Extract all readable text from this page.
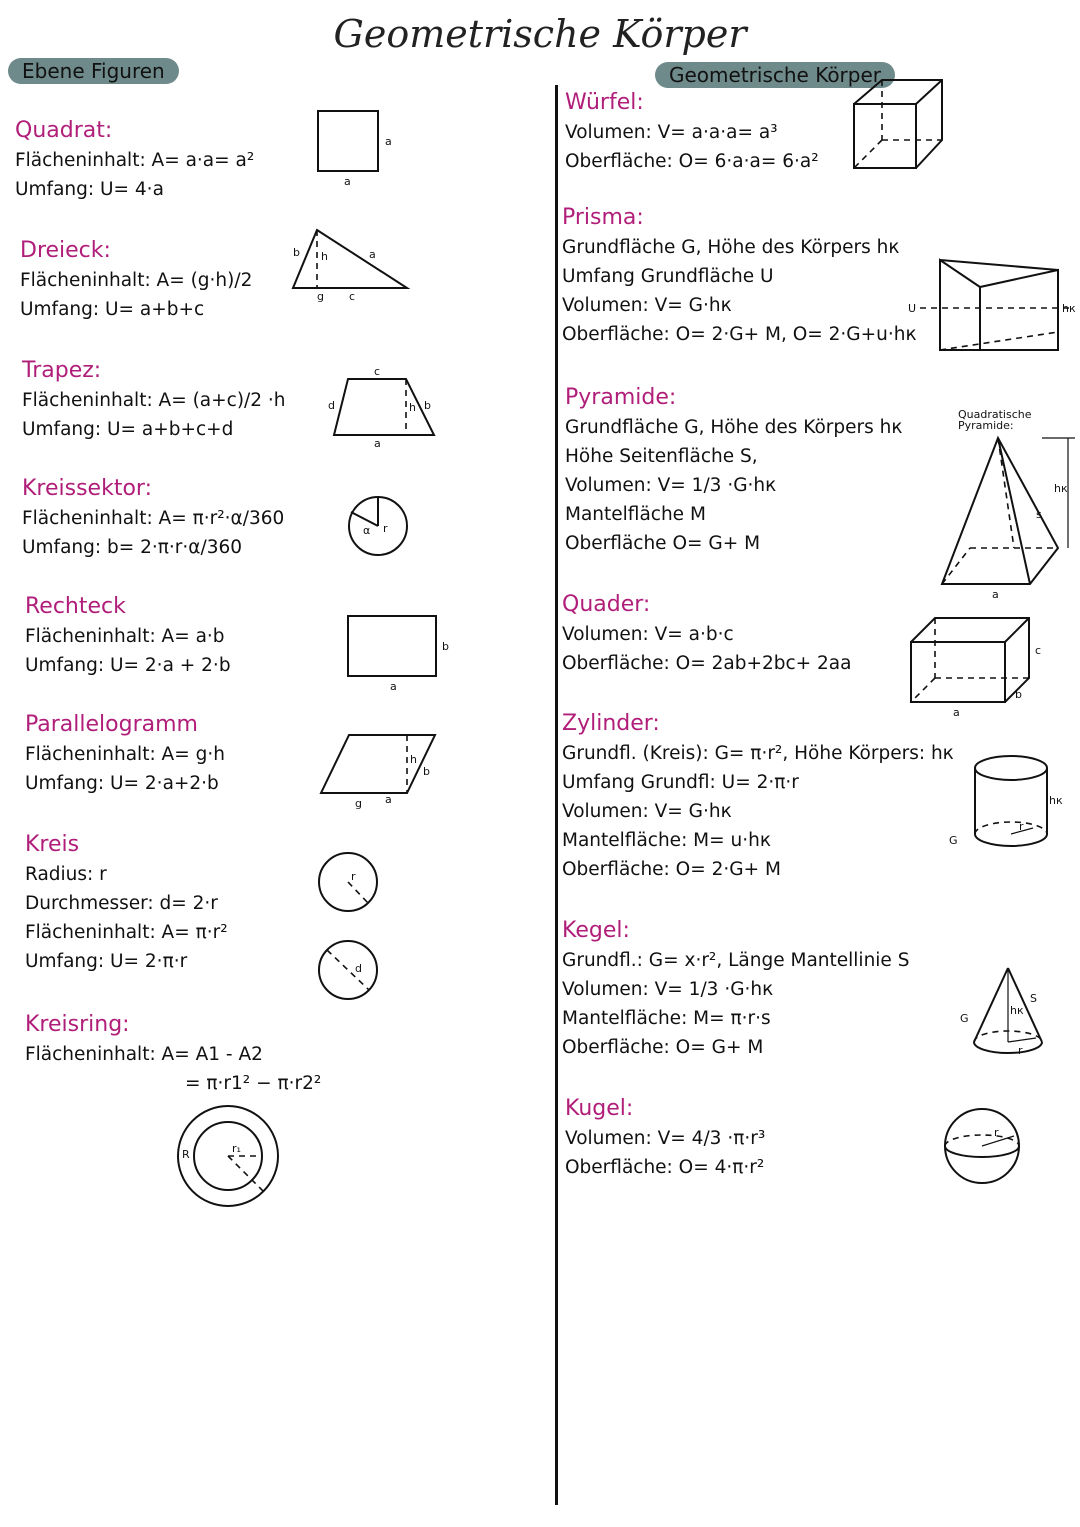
Geometrische Körper
Ebene Figuren	Geometrische Körper
Quadrat:
Flächeninhalt: A= a·a= a²
Umfang: U= 4·a
Dreieck:
Flächeninhalt: A= (g·h)/2
Umfang: U= a+b+c
Trapez:
Flächeninhalt: A= (a+c)/2 ·h
Umfang: U= a+b+c+d
Kreissektor:
Flächeninhalt: A= π·r²·α/360
Umfang: b= 2·π·r·α/360
Rechteck
Flächeninhalt: A= a·b
Umfang: U= 2·a + 2·b
Parallelogramm
Flächeninhalt: A= g·h
Umfang: U= 2·a+2·b
Kreis
Radius: r
Durchmesser: d= 2·r
Flächeninhalt: A= π·r²
Umfang: U= 2·π·r
Kreisring:
Flächeninhalt: A= A1 - A2
= π·r1² − π·r2²
Würfel:
Volumen: V= a·a·a= a³
Oberfläche: O= 6·a·a= 6·a²
Prisma:
Grundfläche G, Höhe des Körpers hк
Umfang Grundfläche U
Volumen: V= G·hк
Oberfläche: O= 2·G+ M, O= 2·G+u·hк
Pyramide:
Grundfläche G, Höhe des Körpers hк
Höhe Seitenfläche S,
Volumen: V= 1/3 ·G·hк
Mantelfläche M
Oberfläche O= G+ M
Quader:
Volumen: V= a·b·c
Oberfläche: O= 2ab+2bc+ 2aa
Zylinder:
Grundfl. (Kreis): G= π·r², Höhe Körpers: hк
Umfang Grundfl: U= 2·π·r
Volumen: V= G·hк
Mantelfläche: M= u·hк
Oberfläche: O= 2·G+ M
Kegel:
Grundfl.: G= x·r², Länge Mantellinie S
Volumen: V= 1/3 ·G·hк
Mantelfläche: M= π·r·s
Oberfläche: O= G+ M
Kugel:
Volumen: V= 4/3 ·π·r³
Oberfläche: O= 4·π·r²
a
a
b h	a
g c
c
d	h b
a
α r
b
a
h
b
g a
r
d
R	r₁
U	hк
Quadratische
Pyramide:
hк
s
a
c
b
a
r
hк
G
hк
S
r
G
r
